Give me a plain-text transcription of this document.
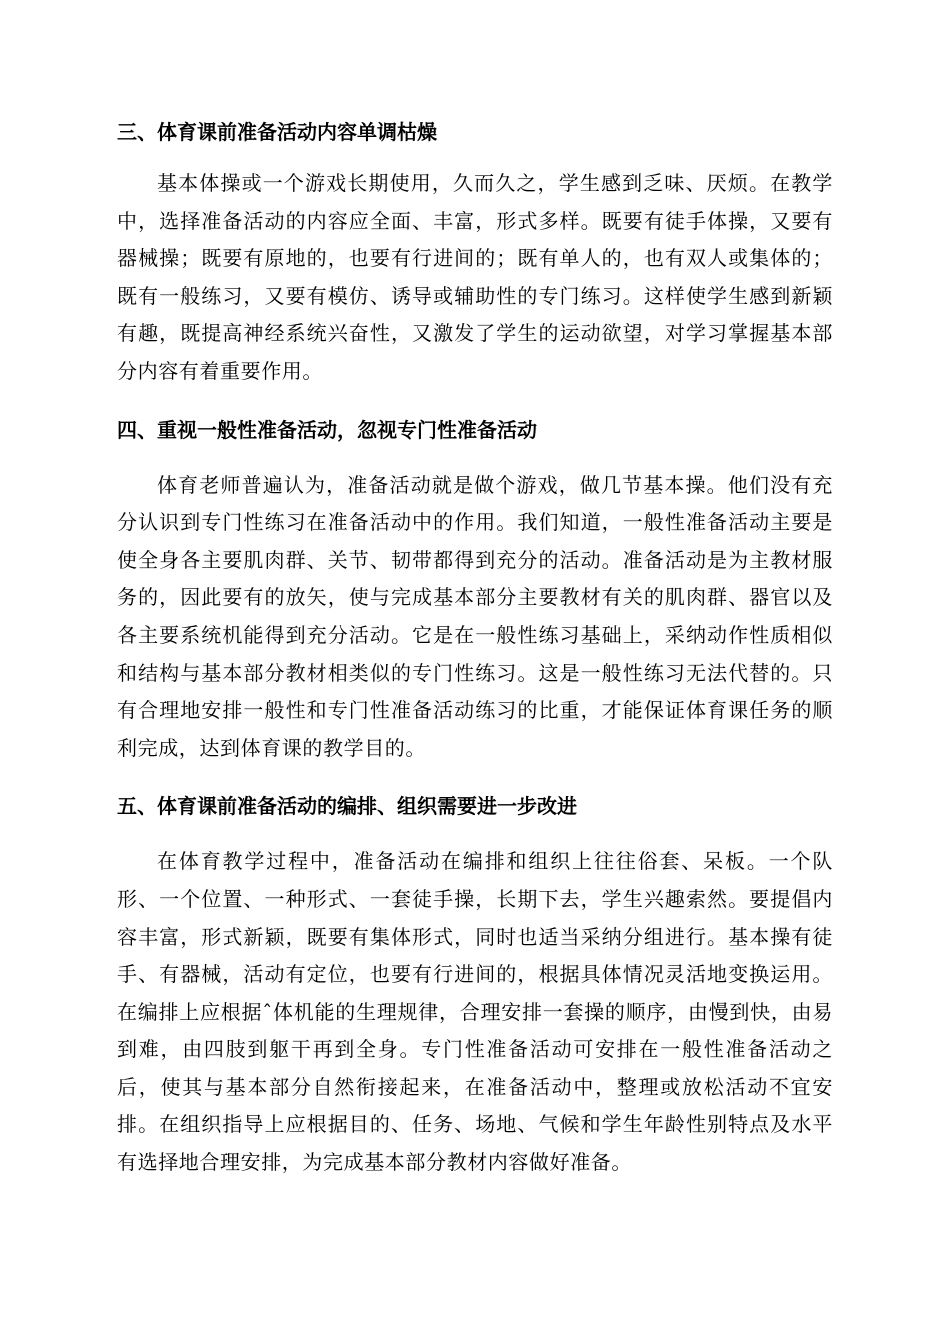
三、体育课前准备活动内容单调枯燥

基本体操或一个游戏长期使用，久而久之，学生感到乏味、厌烦。在教学中，选择准备活动的内容应全面、丰富，形式多样。既要有徒手体操，又要有器械操；既要有原地的，也要有行进间的；既有单人的，也有双人或集体的；既有一般练习，又要有模仿、诱导或辅助性的专门练习。这样使学生感到新颖有趣，既提高神经系统兴奋性，又激发了学生的运动欲望，对学习掌握基本部分内容有着重要作用。

四、重视一般性准备活动，忽视专门性准备活动

体育老师普遍认为，准备活动就是做个游戏，做几节基本操。他们没有充分认识到专门性练习在准备活动中的作用。我们知道，一般性准备活动主要是使全身各主要肌肉群、关节、韧带都得到充分的活动。准备活动是为主教材服务的，因此要有的放矢，使与完成基本部分主要教材有关的肌肉群、器官以及各主要系统机能得到充分活动。它是在一般性练习基础上，采纳动作性质相似和结构与基本部分教材相类似的专门性练习。这是一般性练习无法代替的。只有合理地安排一般性和专门性准备活动练习的比重，才能保证体育课任务的顺利完成，达到体育课的教学目的。

五、体育课前准备活动的编排、组织需要进一步改进

在体育教学过程中，准备活动在编排和组织上往往俗套、呆板。一个队形、一个位置、一种形式、一套徒手操，长期下去，学生兴趣索然。要提倡内容丰富，形式新颖，既要有集体形式，同时也适当采纳分组进行。基本操有徒手、有器械，活动有定位，也要有行进间的，根据具体情况灵活地变换运用。在编排上应根据ˆ体机能的生理规律，合理安排一套操的顺序，由慢到快，由易到难，由四肢到躯干再到全身。专门性准备活动可安排在一般性准备活动之后，使其与基本部分自然衔接起来，在准备活动中，整理或放松活动不宜安排。在组织指导上应根据目的、任务、场地、气候和学生年龄性别特点及水平有选择地合理安排，为完成基本部分教材内容做好准备。
